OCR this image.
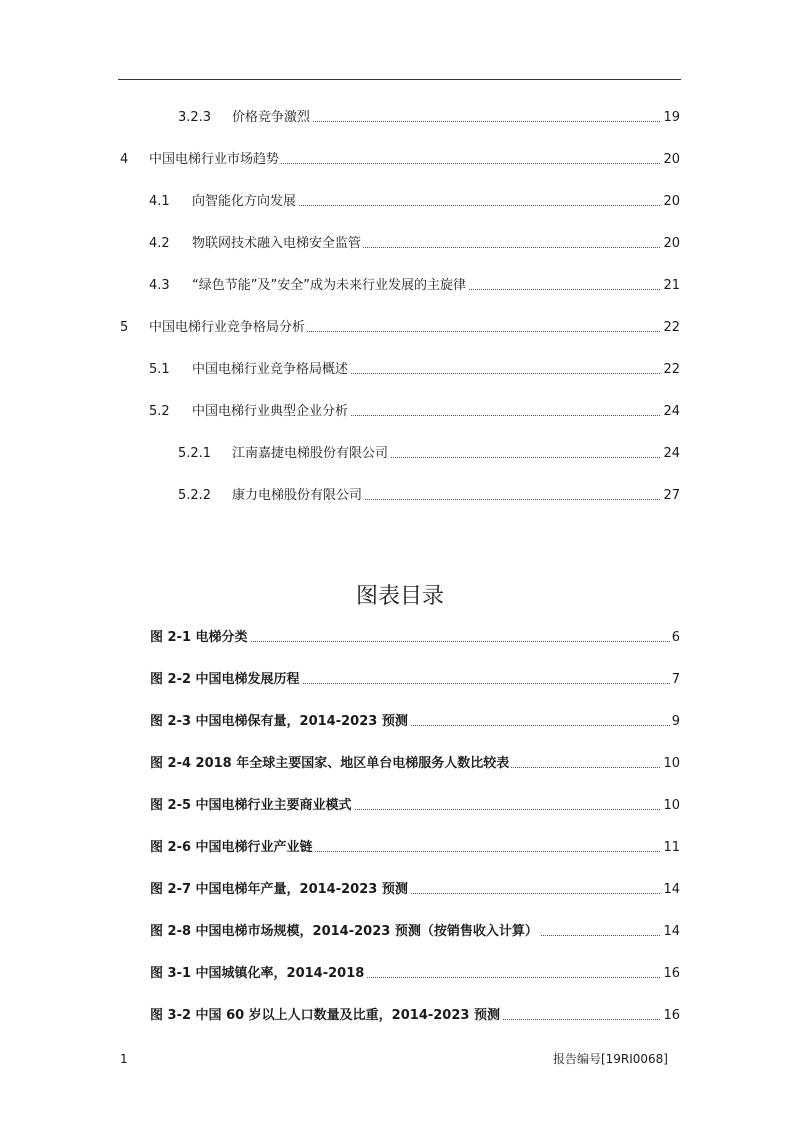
3.2.3 价格竞争激烈	19
4 中国电梯行业市场趋势	20
4.1 向智能化方向发展	20
4.2 物联网技术融入电梯安全监管	20
4.3 “绿色节能”及”安全”成为未来行业发展的主旋律	21
5 中国电梯行业竞争格局分析	22
5.1 中国电梯行业竞争格局概述	22
5.2 中国电梯行业典型企业分析	24
5.2.1 江南嘉捷电梯股份有限公司	24
5.2.2 康力电梯股份有限公司	27
图表目录
图 2-1 电梯分类	6
图 2-2 中国电梯发展历程	7
图 2-3 中国电梯保有量，2014-2023 预测	9
图 2-4 2018 年全球主要国家、地区单台电梯服务人数比较表	10
图 2-5 中国电梯行业主要商业模式	10
图 2-6 中国电梯行业产业链	11
图 2-7 中国电梯年产量，2014-2023 预测	14
图 2-8 中国电梯市场规模，2014-2023 预测（按销售收入计算）	14
图 3-1 中国城镇化率，2014-2018	16
图 3-2 中国 60 岁以上人口数量及比重，2014-2023 预测	16
1	报告编号[19RI0068]
